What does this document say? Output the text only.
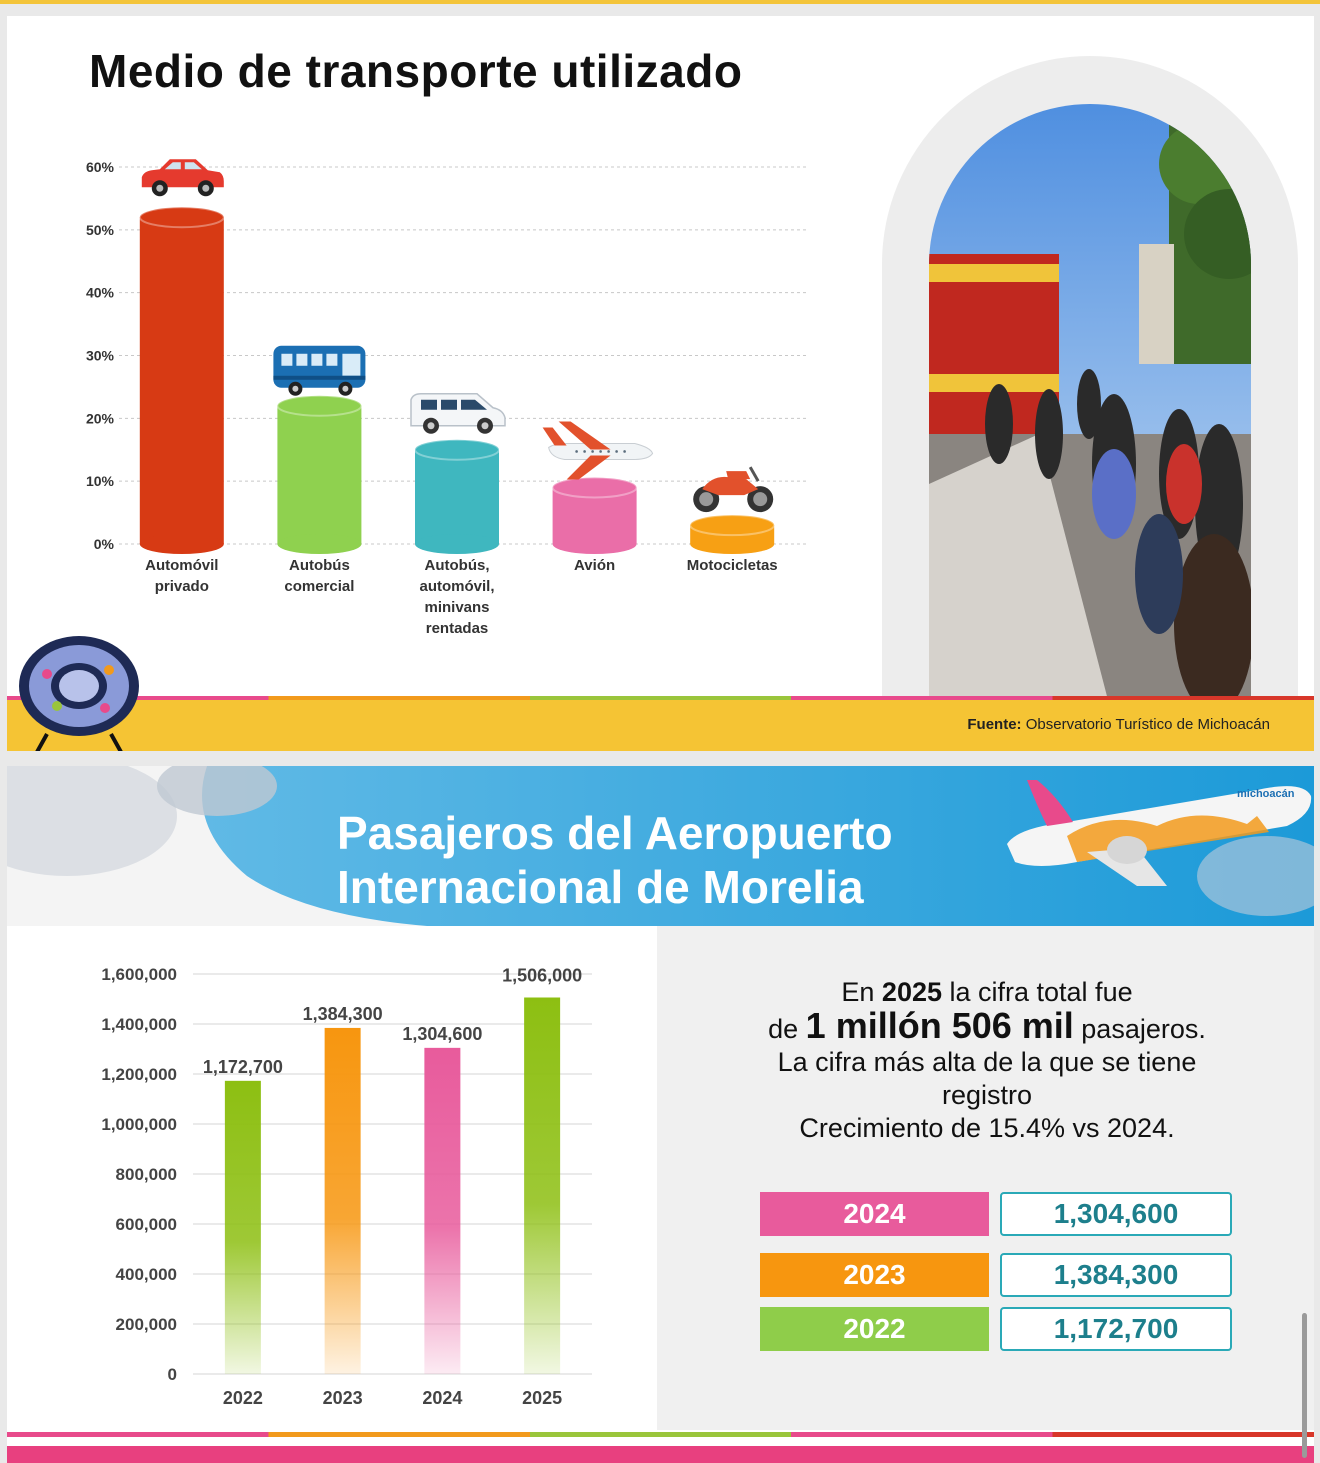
Medio de transporte utilizado
0%
10%
20%
30%
40%
50%
60%
Automóvil privado
Autobús comercial
Autobús, automóvil, minivans rentadas
Avión	Motocicletas

Fuente: Observatorio Turístico de Michoacán

Pasajeros del Aeropuerto
Internacional de Morelia
michoacán
0
200,000
400,000
600,000
800,000
1,000,000
1,200,000
1,400,000
1,600,000
1,172,700
2022
1,384,300
2023
1,304,600
2024
1,506,000
2025

En 2025 la cifra total fue

de 1 millón 506 mil pasajeros.

La cifra más alta de la que se tiene

registro

Crecimiento de 15.4% vs 2024.

2024	1,304,600
2023	1,384,300
2022	1,172,700
